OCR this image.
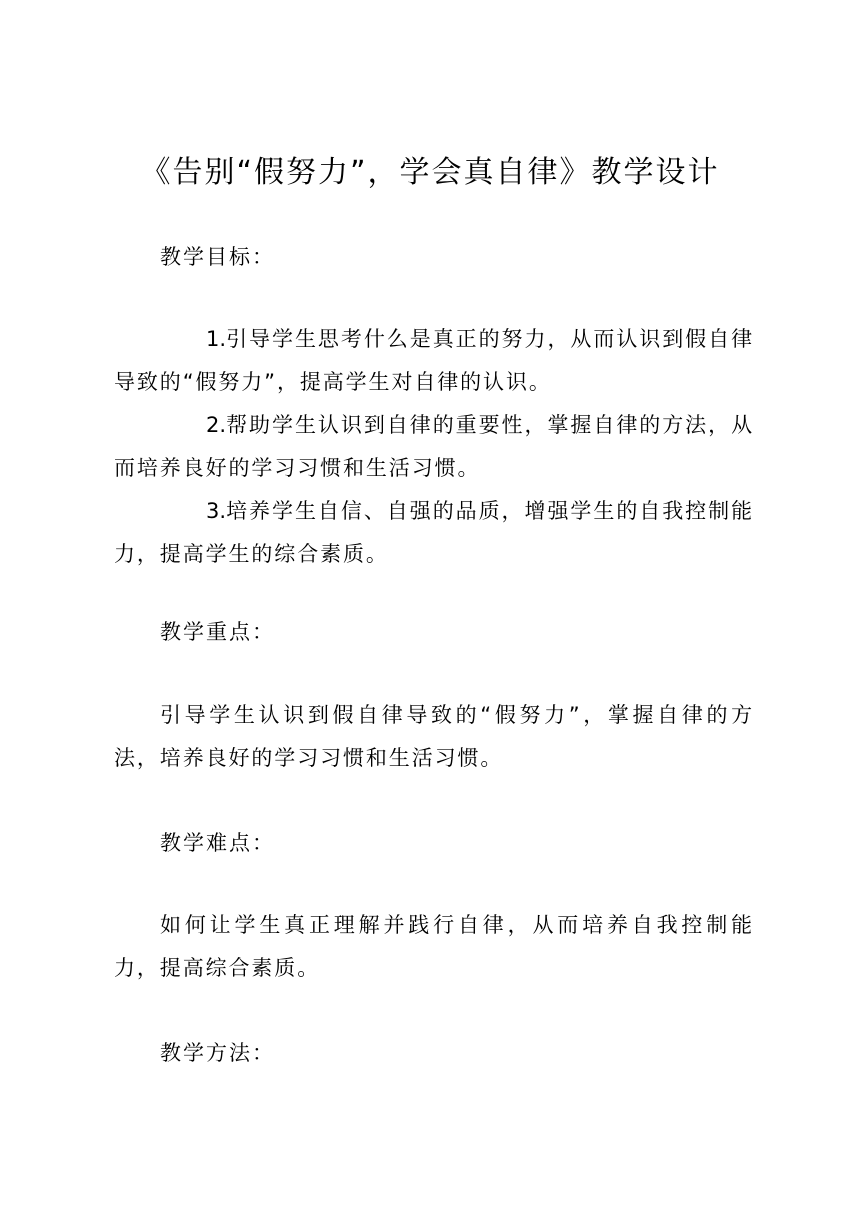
《告别“假努力”，学会真自律》教学设计

教学目标：

1.引导学生思考什么是真正的努力，从而认识到假自律导致的“假努力”，提高学生对自律的认识。

2.帮助学生认识到自律的重要性，掌握自律的方法，从而培养良好的学习习惯和生活习惯。

3.培养学生自信、自强的品质，增强学生的自我控制能力，提高学生的综合素质。

教学重点：

引导学生认识到假自律导致的“假努力”，掌握自律的方法，培养良好的学习习惯和生活习惯。

教学难点：

如何让学生真正理解并践行自律，从而培养自我控制能力，提高综合素质。

教学方法：
